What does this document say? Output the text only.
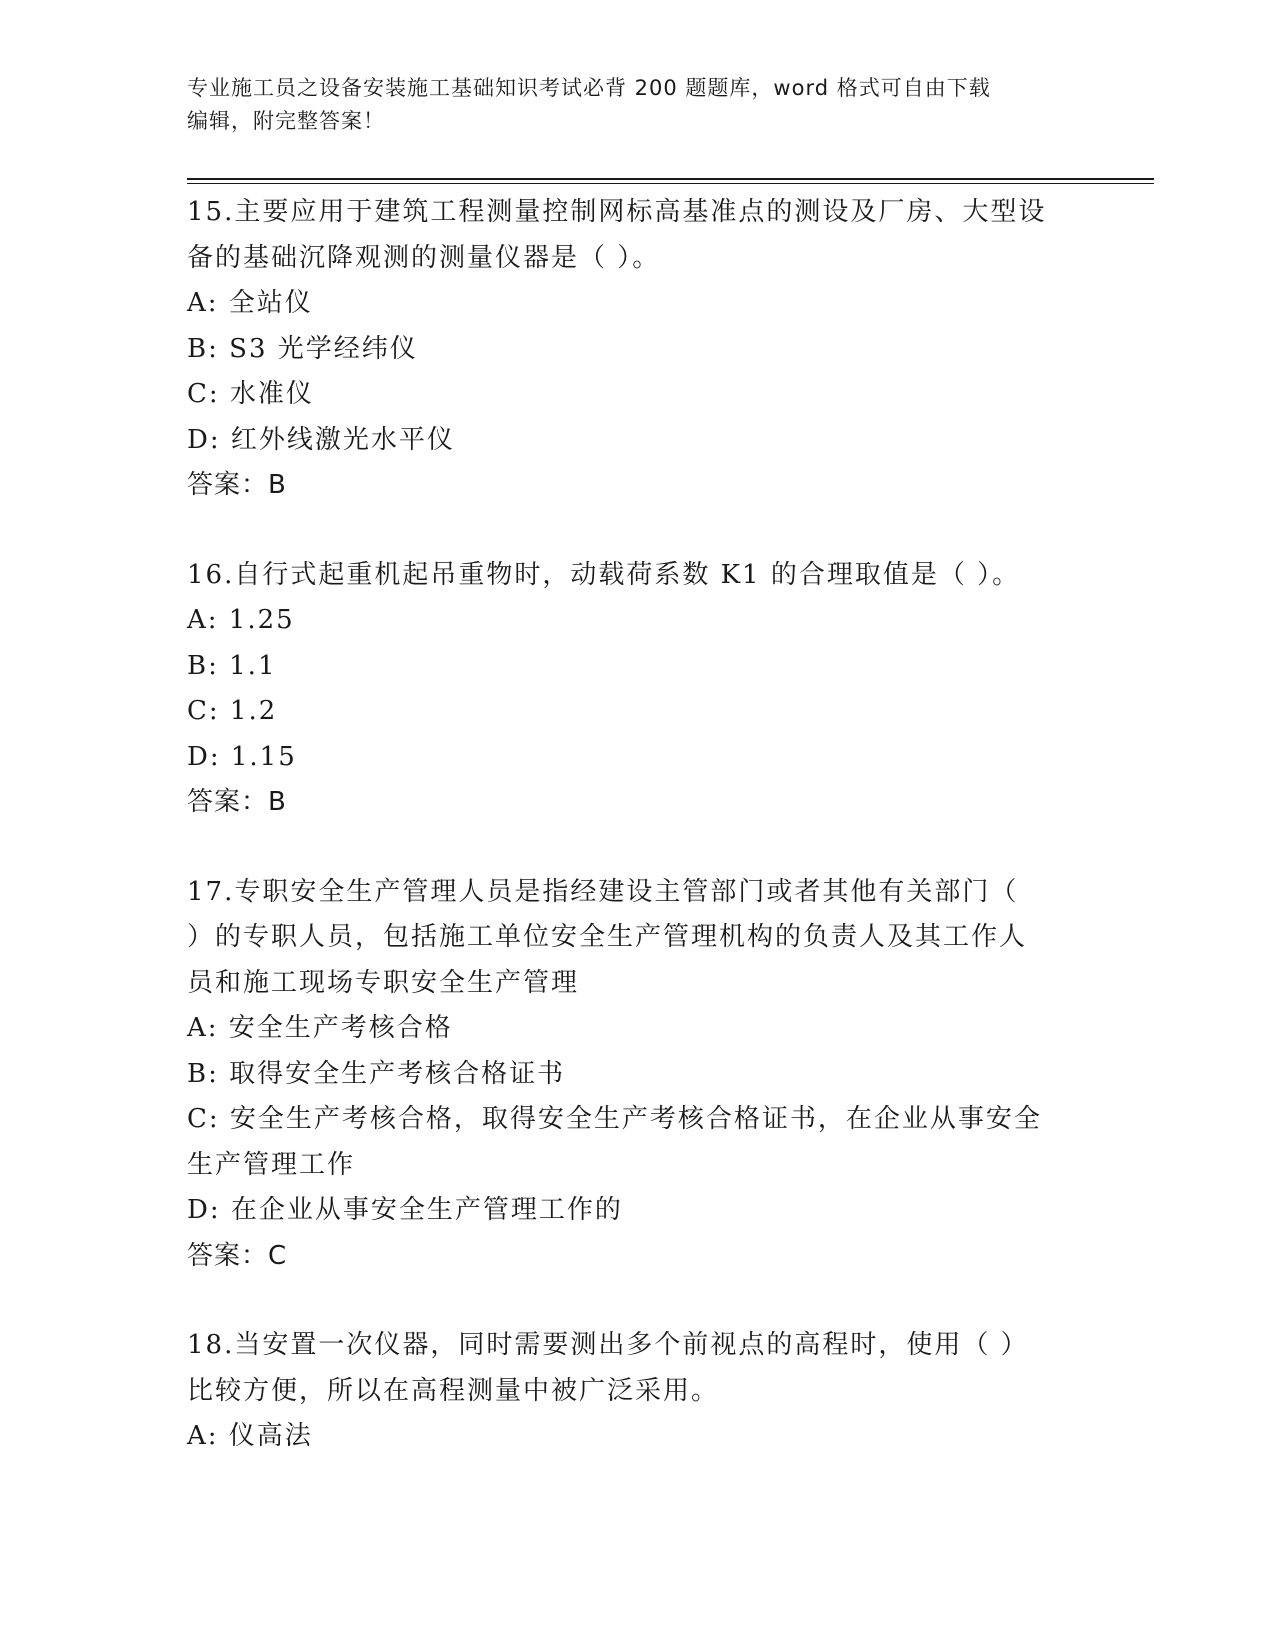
专业施工员之设备安装施工基础知识考试必背 200 题题库，word 格式可自由下载
编辑，附完整答案！
15.主要应用于建筑工程测量控制网标高基准点的测设及厂房、大型设
备的基础沉降观测的测量仪器是（ ）。
A: 全站仪
B: S3 光学经纬仪
C: 水准仪
D: 红外线激光水平仪
答案：B
16.自行式起重机起吊重物时，动载荷系数 K1 的合理取值是（ ）。
A: 1.25
B: 1.1
C: 1.2
D: 1.15
答案：B
17.专职安全生产管理人员是指经建设主管部门或者其他有关部门（
）的专职人员，包括施工单位安全生产管理机构的负责人及其工作人
员和施工现场专职安全生产管理
A: 安全生产考核合格
B: 取得安全生产考核合格证书
C: 安全生产考核合格，取得安全生产考核合格证书，在企业从事安全
生产管理工作
D: 在企业从事安全生产管理工作的
答案：C
18.当安置一次仪器，同时需要测出多个前视点的高程时，使用（ ）
比较方便，所以在高程测量中被广泛采用。
A: 仪高法
